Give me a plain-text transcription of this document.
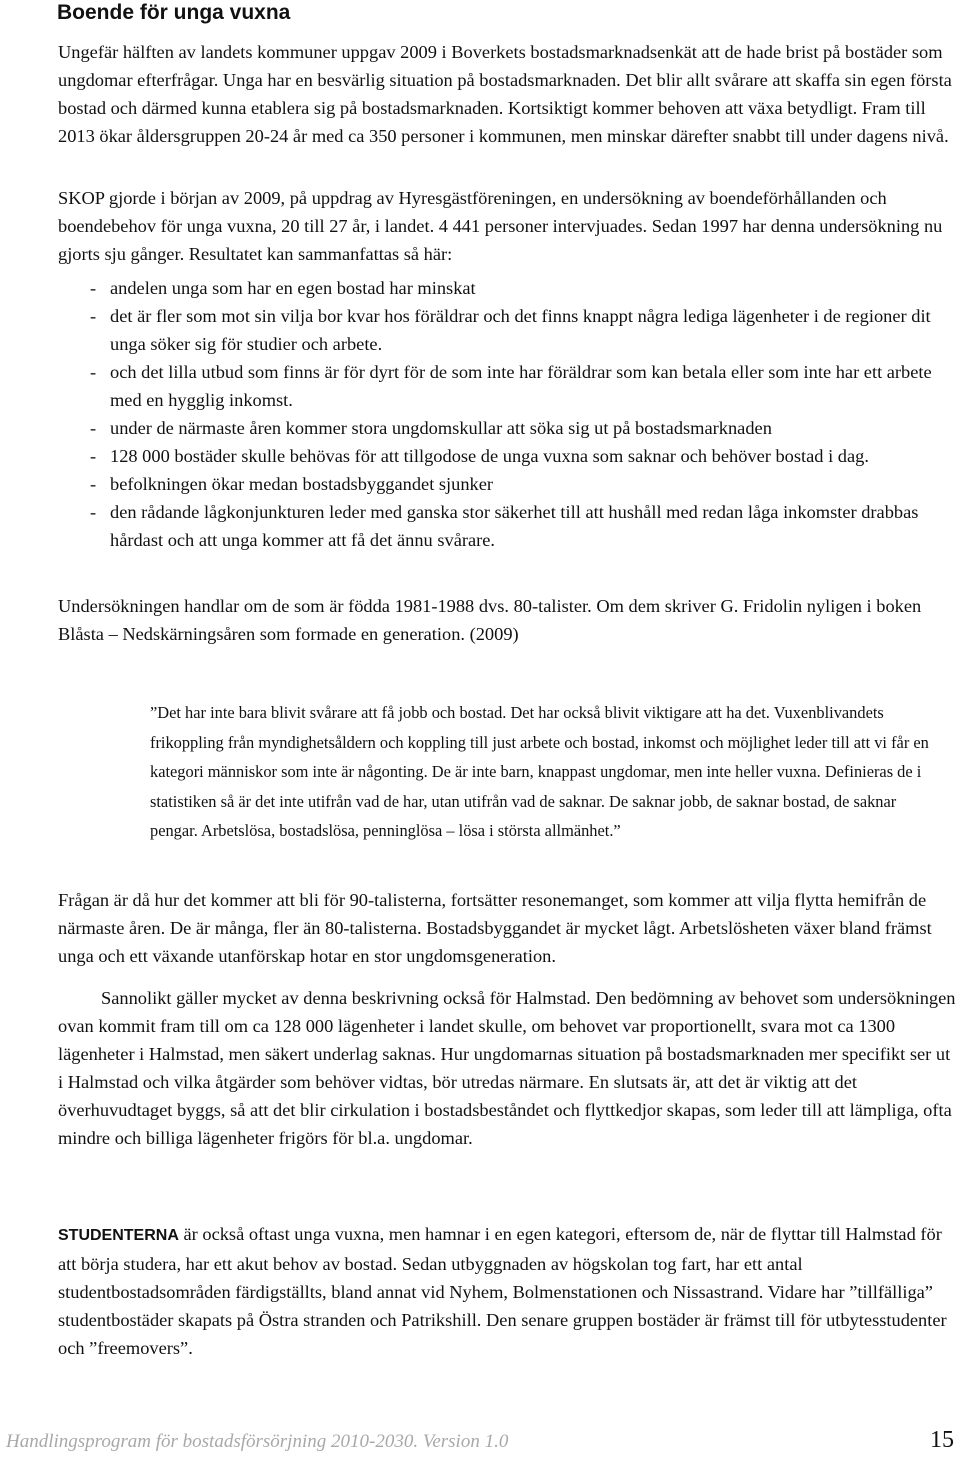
Boende för unga vuxna

Ungefär hälften av landets kommuner uppgav 2009 i Boverkets bostadsmarknadsenkät att de hade brist på bostäder som ungdomar efterfrågar. Unga har en besvärlig situation på bostadsmarknaden. Det blir allt svårare att skaffa sin egen första bostad och därmed kunna etablera sig på bostadsmarknaden. Kortsiktigt kommer behoven att växa betydligt. Fram till 2013 ökar åldersgruppen 20-24 år med ca 350 personer i kommunen, men minskar därefter snabbt till under dagens nivå.

SKOP gjorde i början av 2009, på uppdrag av Hyresgästföreningen, en undersökning av boendeförhållanden och boendebehov för unga vuxna, 20 till 27 år, i landet. 4 441 personer intervjuades. Sedan 1997 har denna undersökning nu gjorts sju gånger. Resultatet kan sammanfattas så här:

- andelen unga som har en egen bostad har minskat
- det är fler som mot sin vilja bor kvar hos föräldrar och det finns knappt några lediga lägenheter i de regioner dit unga söker sig för studier och arbete.
- och det lilla utbud som finns är för dyrt för de som inte har föräldrar som kan betala eller som inte har ett arbete med en hygglig inkomst.
- under de närmaste åren kommer stora ungdomskullar att söka sig ut på bostadsmarknaden
- 128 000 bostäder skulle behövas för att tillgodose de unga vuxna som saknar och behöver bostad i dag.
- befolkningen ökar medan bostadsbyggandet sjunker
- den rådande lågkonjunkturen leder med ganska stor säkerhet till att hushåll med redan låga inkomster drabbas hårdast och att unga kommer att få det ännu svårare.

Undersökningen handlar om de som är födda 1981-1988 dvs. 80-talister. Om dem skriver G. Fridolin nyligen i boken Blåsta – Nedskärningsåren som formade en generation. (2009)

”Det har inte bara blivit svårare att få jobb och bostad. Det har också blivit viktigare att ha det. Vuxenblivandets frikoppling från myndighetsåldern och koppling till just arbete och bostad, inkomst och möjlighet leder till att vi får en kategori människor som inte är någonting. De är inte barn, knappast ungdomar, men inte heller vuxna. Definieras de i statistiken så är det inte utifrån vad de har, utan utifrån vad de saknar. De saknar jobb, de saknar bostad, de saknar pengar. Arbetslösa, bostadslösa, penninglösa – lösa i största allmänhet.”

Frågan är då hur det kommer att bli för 90-talisterna, fortsätter resonemanget, som kommer att vilja flytta hemifrån de närmaste åren. De är många, fler än 80-talisterna. Bostadsbyggandet är mycket lågt. Arbetslösheten växer bland främst unga och ett växande utanförskap hotar en stor ungdomsgeneration.

Sannolikt gäller mycket av denna beskrivning också för Halmstad. Den bedömning av behovet som undersökningen ovan kommit fram till om ca 128 000 lägenheter i landet skulle, om behovet var proportionellt, svara mot ca 1300 lägenheter i Halmstad, men säkert underlag saknas. Hur ungdomarnas situation på bostadsmarknaden mer specifikt ser ut i Halmstad och vilka åtgärder som behöver vidtas, bör utredas närmare. En slutsats är, att det är viktig att det överhuvudtaget byggs, så att det blir cirkulation i bostadsbeståndet och flyttkedjor skapas, som leder till att lämpliga, ofta mindre och billiga lägenheter frigörs för bl.a. ungdomar.

STUDENTERNA är också oftast unga vuxna, men hamnar i en egen kategori, eftersom de, när de flyttar till Halmstad för att börja studera, har ett akut behov av bostad. Sedan utbyggnaden av högskolan tog fart, har ett antal studentbostadsområden färdigställts, bland annat vid Nyhem, Bolmenstationen och Nissastrand. Vidare har ”tillfälliga” studentbostäder skapats på Östra stranden och Patrikshill. Den senare gruppen bostäder är främst till för utbytesstudenter och ”freemovers”.

Handlingsprogram för bostadsförsörjning 2010-2030. Version 1.0	15
